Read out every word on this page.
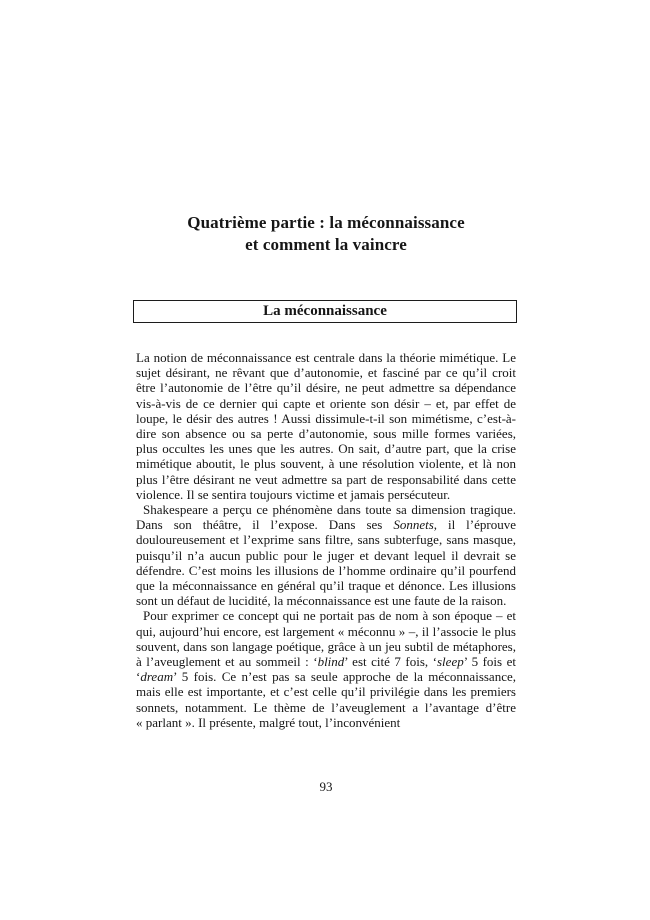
Quatrième partie : la méconnaissance
et comment la vaincre
La méconnaissance

La notion de méconnaissance est centrale dans la théorie mimétique. Le sujet désirant, ne rêvant que d’autonomie, et fasciné par ce qu’il croit être l’autonomie de l’être qu’il désire, ne peut admettre sa dépendance vis-à-vis de ce dernier qui capte et oriente son désir – et, par effet de loupe, le désir des autres ! Aussi dissimule-t-il son mimétisme, c’est-à-dire son absence ou sa perte d’autonomie, sous mille formes variées, plus occultes les unes que les autres. On sait, d’autre part, que la crise mimétique aboutit, le plus souvent, à une résolution violente, et là non plus l’être désirant ne veut admettre sa part de responsabilité dans cette violence. Il se sentira toujours victime et jamais persécuteur.

Shakespeare a perçu ce phénomène dans toute sa dimension tragique. Dans son théâtre, il l’expose. Dans ses Sonnets, il l’éprouve douloureusement et l’exprime sans filtre, sans subterfuge, sans masque, puisqu’il n’a aucun public pour le juger et devant lequel il devrait se défendre. C’est moins les illusions de l’homme ordinaire qu’il pourfend que la méconnaissance en général qu’il traque et dénonce. Les illusions sont un défaut de lucidité, la méconnaissance est une faute de la raison.

Pour exprimer ce concept qui ne portait pas de nom à son époque – et qui, aujourd’hui encore, est largement « méconnu » –, il l’associe le plus souvent, dans son langage poétique, grâce à un jeu subtil de métaphores, à l’aveuglement et au sommeil : ‘blind’ est cité 7 fois, ‘sleep’ 5 fois et ‘dream’ 5 fois. Ce n’est pas sa seule approche de la méconnaissance, mais elle est importante, et c’est celle qu’il privilégie dans les premiers sonnets, notamment. Le thème de l’aveuglement a l’avantage d’être « parlant ». Il présente, malgré tout, l’inconvénient

93
